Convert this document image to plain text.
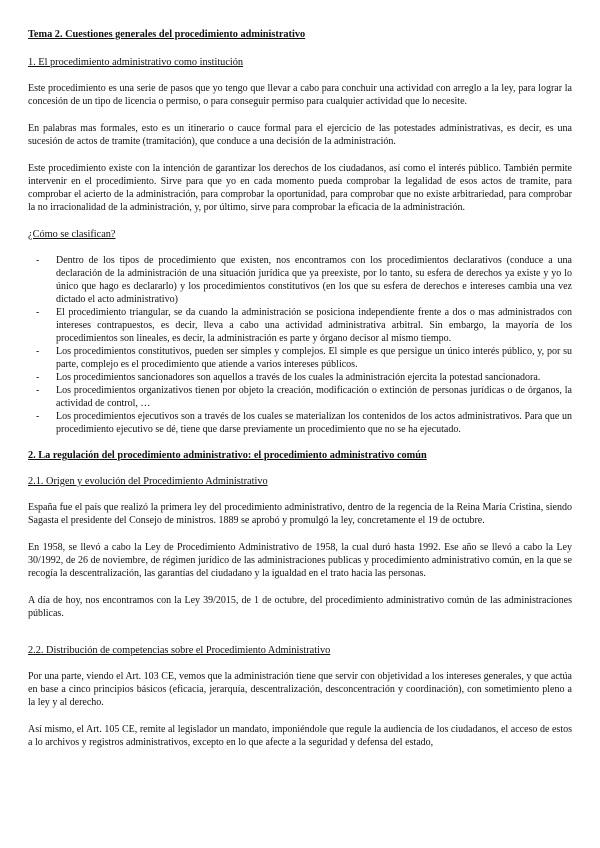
Tema 2. Cuestiones generales del procedimiento administrativo
1. El procedimiento administrativo como institución

Este procedimiento es una serie de pasos que yo tengo que llevar a cabo para conchuir una actividad con arreglo a la ley, para lograr la concesión de un tipo de licencia o permiso, o para conseguir permiso para cualquier actividad que lo necesite.

En palabras mas formales, esto es un itinerario o cauce formal para el ejercicio de las potestades administrativas, es decir, es una sucesión de actos de tramite (tramitación), que conduce a una decisión de la administración.

Este procedimiento existe con la intención de garantizar los derechos de los ciudadanos, así como el interés público. También permite intervenir en el procedimiento. Sirve para que yo en cada momento pueda comprobar la legalidad de esos actos de tramite, para comprobar el acierto de la administración, para comprobar la oportunidad, para comprobar que no existe arbitrariedad, para comprobar la no irracionalidad de la administración, y, por último, sirve para comprobar la eficacia de la administración.

¿Cómo se clasifican?
- Dentro de los tipos de procedimiento que existen, nos encontramos con los procedimientos declarativos (conduce a una declaración de la administración de una situación jurídica que ya preexiste, por lo tanto, su esfera de derechos ya existe y yo lo único que hago es declararlo) y los procedimientos constitutivos (en los que su esfera de derechos e intereses cambia una vez dictado el acto administrativo)
- El procedimiento triangular, se da cuando la administración se posiciona independiente frente a dos o mas administrados con intereses contrapuestos, es decir, lleva a cabo una actividad administrativa arbitral. Sin embargo, la mayoría de los procedimientos son lineales, es decir, la administración es parte y órgano decisor al mismo tiempo.
- Los procedimientos constitutivos, pueden ser simples y complejos. El simple es que persigue un único interés público, y, por su parte, complejo es el procedimiento que atiende a varios intereses públicos.
- Los procedimientos sancionadores son aquellos a través de los cuales la administración ejercita la potestad sancionadora.
- Los procedimientos organizativos tienen por objeto la creación, modificación o extinción de personas jurídicas o de órganos, la actividad de control, …
- Los procedimientos ejecutivos son a través de los cuales se materializan los contenidos de los actos administrativos. Para que un procedimiento ejecutivo se dé, tiene que darse previamente un procedimiento que no se ha ejecutado.
2. La regulación del procedimiento administrativo: el procedimiento administrativo común
2.1. Origen y evolución del Procedimiento Administrativo

España fue el país que realizó la primera ley del procedimiento administrativo, dentro de la regencia de la Reina María Cristina, siendo Sagasta el presidente del Consejo de ministros. 1889 se aprobó y promulgó la ley, concretamente el 19 de octubre.

En 1958, se llevó a cabo la Ley de Procedimiento Administrativo de 1958, la cual duró hasta 1992. Ese año se llevó a cabo la Ley 30/1992, de 26 de noviembre, de régimen jurídico de las administraciones publicas y procedimiento administrativo común, en la que se recogía la descentralización, las garantías del ciudadano y la igualdad en el trato hacia las personas.

A día de hoy, nos encontramos con la Ley 39/2015, de 1 de octubre, del procedimiento administrativo común de las administraciones públicas.

2.2. Distribución de competencias sobre el Procedimiento Administrativo

Por una parte, viendo el Art. 103 CE, vemos que la administración tiene que servir con objetividad a los intereses generales, y que actúa en base a cinco principios básicos (eficacia, jerarquía, descentralización, desconcentración y coordinación), con sometimiento pleno a la ley y al derecho.

Así mismo, el Art. 105 CE, remite al legislador un mandato, imponiéndole que regule la audiencia de los ciudadanos, el acceso de estos a lo archivos y registros administrativos, excepto en lo que afecte a la seguridad y defensa del estado,
